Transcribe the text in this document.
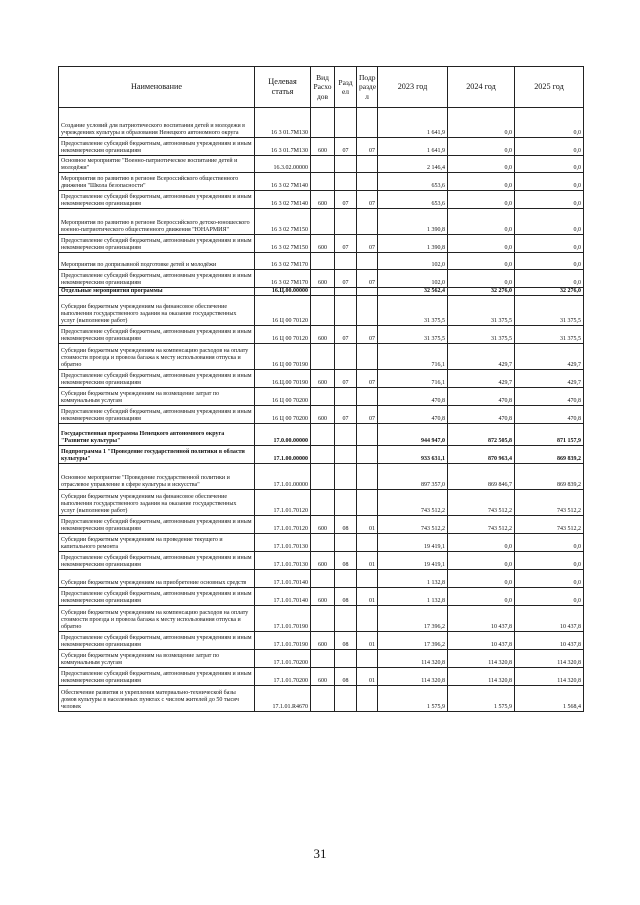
Наименование	Целевая статья	Вид Расхо дов	Разд ел	Подр разде л	2023 год	2024 год	2025 год
Создание условий для патриотического воспитания детей и молодежи в учреждениях культуры и образования Ненецкого автономного округа	16 3 01.7М130				1 641,9	0,0	0,0
Предоставление субсидий бюджетным, автономным учреждениям и иным некоммерческим организациям	16 3 01.7М130	600	07	07	1 641,9	0,0	0,0
Основное мероприятие "Военно-патриотическое воспитание детей и молодёжи"	16.3.02.00000				2 146,4	0,0	0,0
Мероприятия по развитию в регионе Всероссийского общественного движения "Школа безопасности"	16 3 02 7М140				653,6	0,0	0,0
Предоставление субсидий бюджетным, автономным учреждениям и иным некоммерческим организациям	16 3 02 7М140	600	07	07	653,6	0,0	0,0
Мероприятия по развитию в регионе Всероссийского детско-юношеского военно-патриотического общественного движения "ЮНАРМИЯ"	16 3 02 7М150				1 390,8	0,0	0,0
Предоставление субсидий бюджетным, автономным учреждениям и иным некоммерческим организациям	16 3 02 7М150	600	07	07	1 390,8	0,0	0,0
Мероприятия по допризывной подготовке детей и молодёжи	16 3 02 7М170				102,0	0,0	0,0
Предоставление субсидий бюджетным, автономным учреждениям и иным некоммерческим организациям	16 3 02 7М170	600	07	07	102,0	0,0	0,0
Отдельные мероприятия программы	16.Ц.00.00000				32 562,4	32 276,0	32 276,0
Субсидии бюджетным учреждениям на финансовое обеспечение выполнения государственного задания на оказание государственных услуг (выполнение работ)	16 Ц 00 70120				31 375,5	31 375,5	31 375,5
Предоставление субсидий бюджетным, автономным учреждениям и иным некоммерческим организациям	16 Ц 00 70120	600	07	07	31 375,5	31 375,5	31 375,5
Субсидии бюджетным учреждениям на компенсацию расходов на оплату стоимости проезда и провоза багажа к месту использования отпуска и обратно	16 Ц 00 70190				716,1	429,7	429,7
Предоставление субсидий бюджетным, автономным учреждениям и иным некоммерческим организациям	16.Ц.00 70190	600	07	07	716,1	429,7	429,7
Субсидии бюджетным учреждениям на возмещение затрат по коммунальным услугам	16 Ц 00 70200				470,8	470,8	470,8
Предоставление субсидий бюджетным, автономным учреждениям и иным некоммерческим организациям	16 Ц 00 70200	600	07	07	470,8	470,8	470,8
Государственная программа Ненецкого автономного округа "Развитие культуры"	17.0.00.00000				944 947,0	872 505,8	871 157,9
Подпрограмма 1 "Проведение государственной политики в области культуры"	17.1.00.00000				933 631,1	870 963,4	869 839,2
Основное мероприятие "Проведение государственной политики и отраслевое управление в сфере культуры и искусства"	17.1.01.00000				897 357,0	869 846,7	869 839,2
Субсидии бюджетным учреждениям на финансовое обеспечение выполнения государственного задания на оказание государственных услуг (выполнение работ)	17.1.01.70120				743 512,2	743 512,2	743 512,2
Предоставление субсидий бюджетным, автономным учреждениям и иным некоммерческим организациям	17.1.01.70120	600	08	01	743 512,2	743 512,2	743 512,2
Субсидии бюджетным учреждениям на проведение текущего и капитального ремонта	17.1.01.70130				19 419,1	0,0	0,0
Предоставление субсидий бюджетным, автономным учреждениям и иным некоммерческим организациям	17.1.01.70130	600	08	01	19 419,1	0,0	0,0
Субсидии бюджетным учреждениям на приобретение основных средств	17.1.01.70140				1 132,8	0,0	0,0
Предоставление субсидий бюджетным, автономным учреждениям и иным некоммерческим организациям	17.1.01.70140	600	08	01	1 132,8	0,0	0,0
Субсидии бюджетным учреждениям на компенсацию расходов на оплату стоимости проезда и провоза багажа к месту использования отпуска и обратно	17.1.01.70190				17 396,2	10 437,8	10 437,8
Предоставление субсидий бюджетным, автономным учреждениям и иным некоммерческим организациям	17.1.01.70190	600	08	01	17 396,2	10 437,8	10 437,8
Субсидии бюджетным учреждениям на возмещение затрат по коммунальным услугам	17.1.01.70200				114 320,8	114 320,8	114 320,8
Предоставление субсидий бюджетным, автономным учреждениям и иным некоммерческим организациям	17.1.01.70200	600	08	01	114 320,8	114 320,8	114 320,8
Обеспечение развития и укрепления материально-технической базы домов культуры в населенных пунктах с числом жителей до 50 тысяч человек	17.1.01.R4670				1 575,9	1 575,9	1 568,4
31
